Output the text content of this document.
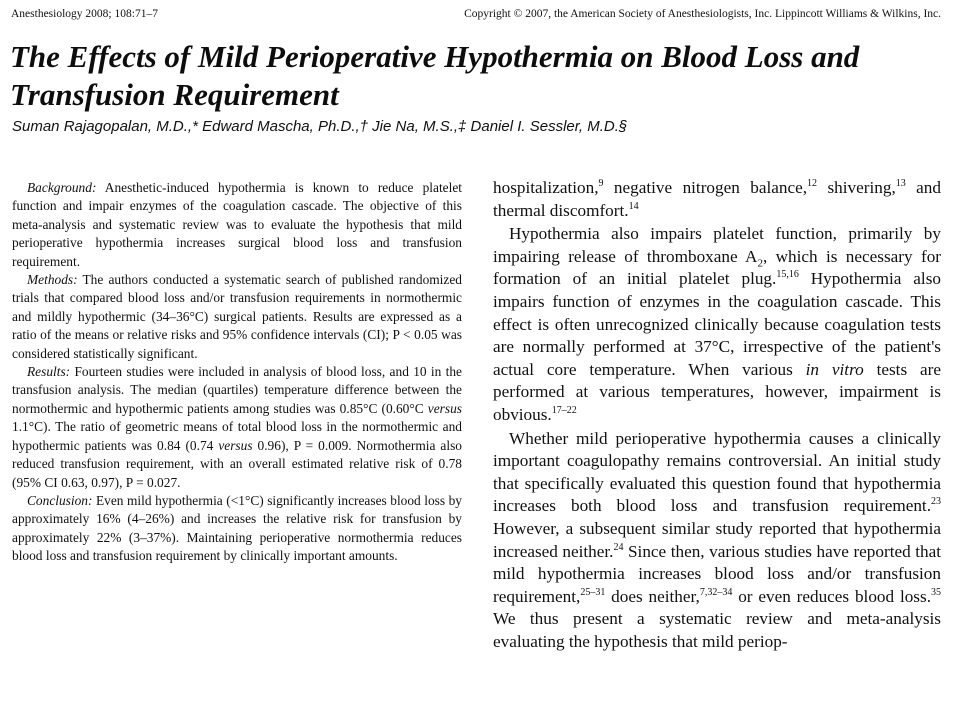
Anesthesiology 2008; 108:71–7	Copyright © 2007, the American Society of Anesthesiologists, Inc. Lippincott Williams & Wilkins, Inc.
The Effects of Mild Perioperative Hypothermia on Blood Loss and Transfusion Requirement
Suman Rajagopalan, M.D.,* Edward Mascha, Ph.D.,† Jie Na, M.S.,‡ Daniel I. Sessler, M.D.§

Background: Anesthetic-induced hypothermia is known to reduce platelet function and impair enzymes of the coagulation cascade. The objective of this meta-analysis and systematic review was to evaluate the hypothesis that mild perioperative hypothermia increases surgical blood loss and transfusion requirement.

Methods: The authors conducted a systematic search of published randomized trials that compared blood loss and/or transfusion requirements in normothermic and mildly hypothermic (34–36°C) surgical patients. Results are expressed as a ratio of the means or relative risks and 95% confidence intervals (CI); P < 0.05 was considered statistically significant.

Results: Fourteen studies were included in analysis of blood loss, and 10 in the transfusion analysis. The median (quartiles) temperature difference between the normothermic and hypothermic patients among studies was 0.85°C (0.60°C versus 1.1°C). The ratio of geometric means of total blood loss in the normothermic and hypothermic patients was 0.84 (0.74 versus 0.96), P = 0.009. Normothermia also reduced transfusion requirement, with an overall estimated relative risk of 0.78 (95% CI 0.63, 0.97), P = 0.027.

Conclusion: Even mild hypothermia (<1°C) significantly increases blood loss by approximately 16% (4–26%) and increases the relative risk for transfusion by approximately 22% (3–37%). Maintaining perioperative normothermia reduces blood loss and transfusion requirement by clinically important amounts.

hospitalization,$^9$ negative nitrogen balance,$^{12}$ shivering,$^{13}$ and thermal discomfort.$^{14}$

Hypothermia also impairs platelet function, primarily by impairing release of thromboxane $A_2$, which is necessary for formation of an initial platelet plug.$^{15,16}$ Hypothermia also impairs function of enzymes in the coagulation cascade. This effect is often unrecognized clinically because coagulation tests are normally performed at 37°C, irrespective of the patient's actual core temperature. When various in vitro tests are performed at various temperatures, however, impairment is obvious.$^{17-22}$

Whether mild perioperative hypothermia causes a clinically important coagulopathy remains controversial. An initial study that specifically evaluated this question found that hypothermia increases both blood loss and transfusion requirement.$^{23}$ However, a subsequent similar study reported that hypothermia increased neither.$^{24}$ Since then, various studies have reported that mild hypothermia increases blood loss and/or transfusion requirement,$^{25-31}$ does neither,$^{7,32-34}$ or even reduces blood loss.$^{35}$ We thus present a systematic review and meta-analysis evaluating the hypothesis that mild periop-
